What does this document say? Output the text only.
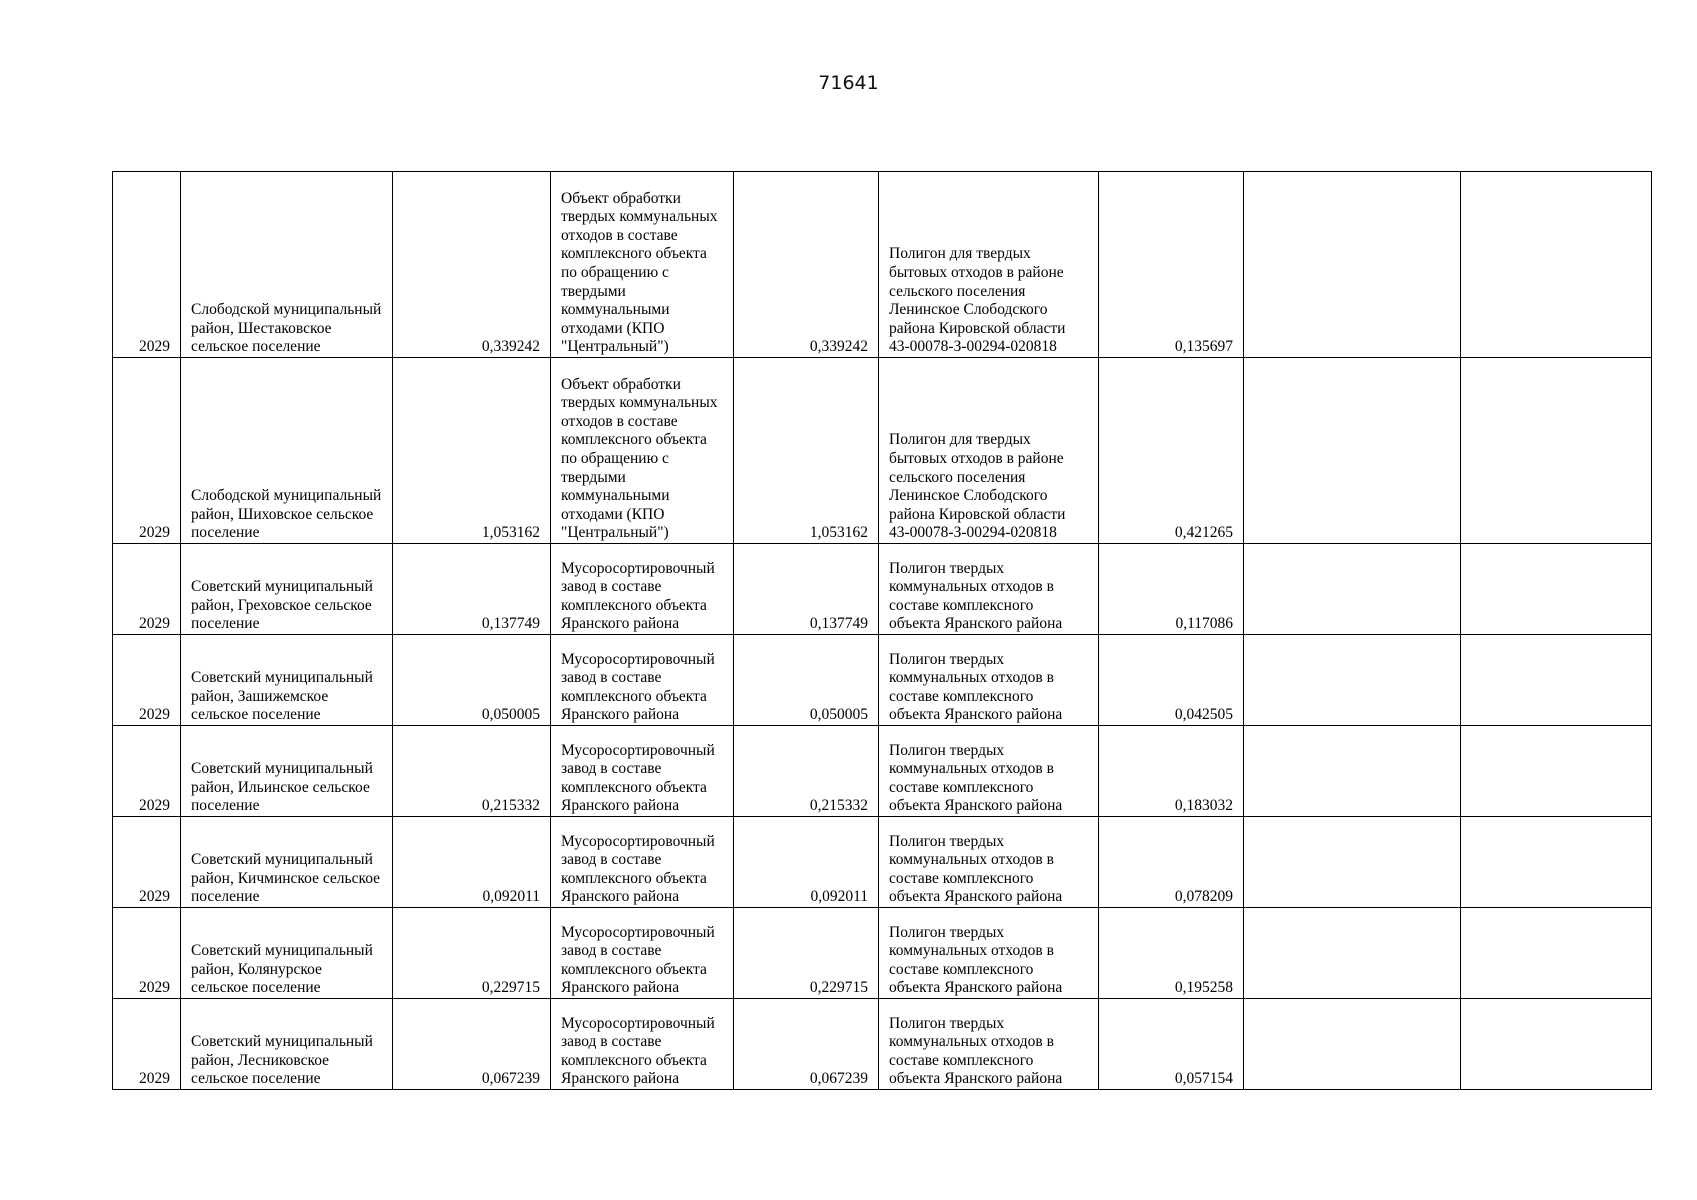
71641
2029	Слободской муниципальный район, Шестаковское сельское поселение	0,339242	Объект обработки твердых коммунальных отходов в составе комплексного объекта по обращению с твердыми коммунальными отходами (КПО "Центральный")	0,339242	Полигон для твердых бытовых отходов в районе сельского поселения Ленинское Слободского района Кировской области 43-00078-З-00294-020818	0,135697		
2029	Слободской муниципальный район, Шиховское сельское поселение	1,053162	Объект обработки твердых коммунальных отходов в составе комплексного объекта по обращению с твердыми коммунальными отходами (КПО "Центральный")	1,053162	Полигон для твердых бытовых отходов в районе сельского поселения Ленинское Слободского района Кировской области 43-00078-З-00294-020818	0,421265		
2029	Советский муниципальный район, Греховское сельское поселение	0,137749	Мусоросортировочный завод в составе комплексного объекта Яранского района	0,137749	Полигон твердых коммунальных отходов в составе комплексного объекта Яранского района	0,117086		
2029	Советский муниципальный район, Зашижемское сельское поселение	0,050005	Мусоросортировочный завод в составе комплексного объекта Яранского района	0,050005	Полигон твердых коммунальных отходов в составе комплексного объекта Яранского района	0,042505		
2029	Советский муниципальный район, Ильинское сельское поселение	0,215332	Мусоросортировочный завод в составе комплексного объекта Яранского района	0,215332	Полигон твердых коммунальных отходов в составе комплексного объекта Яранского района	0,183032		
2029	Советский муниципальный район, Кичминское сельское поселение	0,092011	Мусоросортировочный завод в составе комплексного объекта Яранского района	0,092011	Полигон твердых коммунальных отходов в составе комплексного объекта Яранского района	0,078209		
2029	Советский муниципальный район, Колянурское сельское поселение	0,229715	Мусоросортировочный завод в составе комплексного объекта Яранского района	0,229715	Полигон твердых коммунальных отходов в составе комплексного объекта Яранского района	0,195258		
2029	Советский муниципальный район, Лесниковское сельское поселение	0,067239	Мусоросортировочный завод в составе комплексного объекта Яранского района	0,067239	Полигон твердых коммунальных отходов в составе комплексного объекта Яранского района	0,057154		
